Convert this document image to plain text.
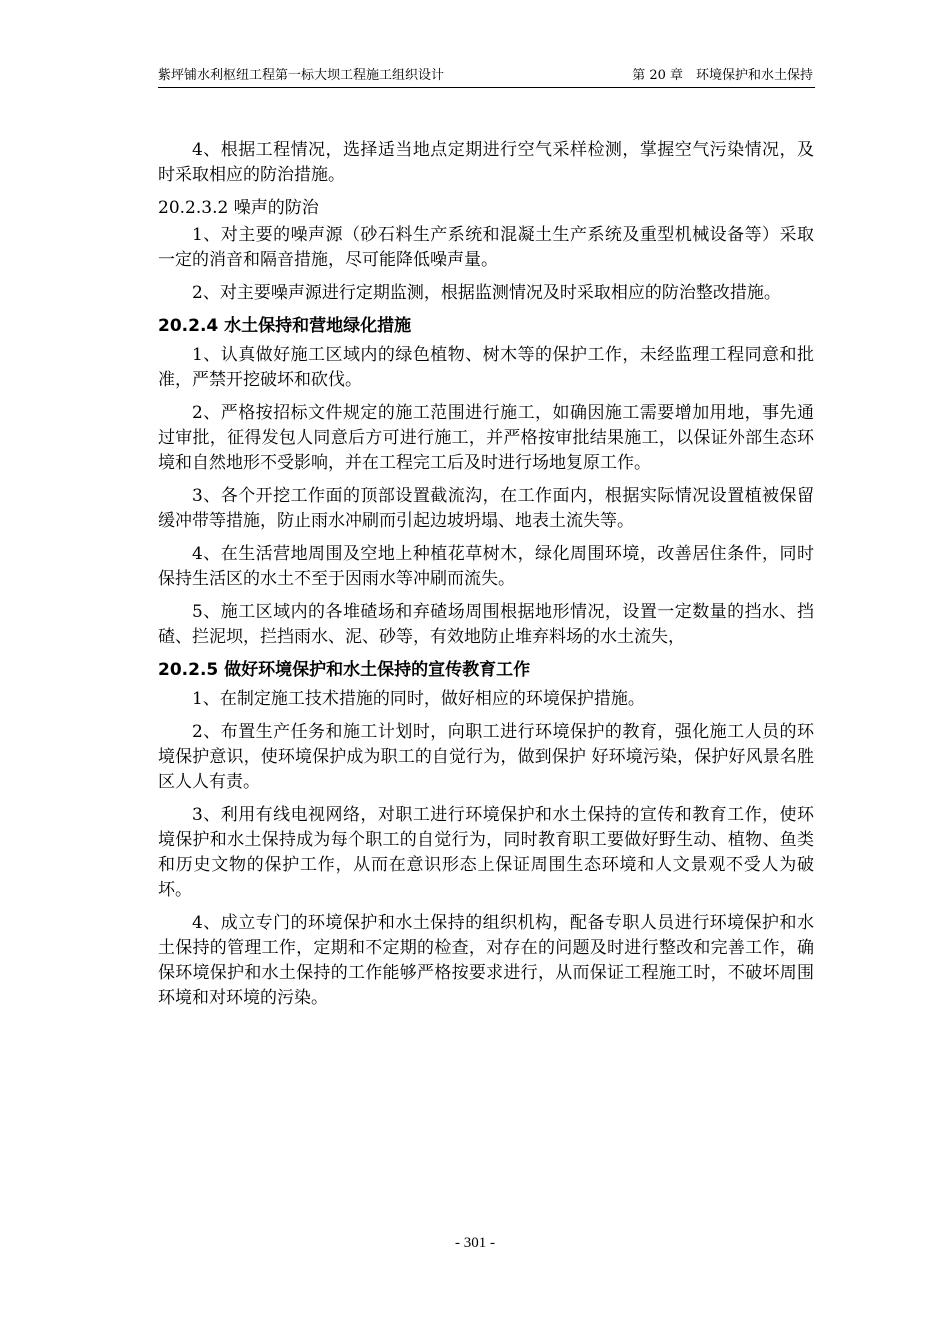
紫坪铺水利枢纽工程第一标大坝工程施工组织设计	第 20 章　环境保护和水土保持

4、根据工程情况，选择适当地点定期进行空气采样检测，掌握空气污染情况，及时采取相应的防治措施。

20.2.3.2 噪声的防治

1、对主要的噪声源（砂石料生产系统和混凝土生产系统及重型机械设备等）采取一定的消音和隔音措施，尽可能降低噪声量。

2、对主要噪声源进行定期监测，根据监测情况及时采取相应的防治整改措施。

20.2.4 水土保持和营地绿化措施

1、认真做好施工区域内的绿色植物、树木等的保护工作，未经监理工程同意和批准，严禁开挖破坏和砍伐。

2、严格按招标文件规定的施工范围进行施工，如确因施工需要增加用地，事先通过审批，征得发包人同意后方可进行施工，并严格按审批结果施工，以保证外部生态环境和自然地形不受影响，并在工程完工后及时进行场地复原工作。

3、各个开挖工作面的顶部设置截流沟，在工作面内，根据实际情况设置植被保留缓冲带等措施，防止雨水冲刷而引起边坡坍塌、地表土流失等。

4、在生活营地周围及空地上种植花草树木，绿化周围环境，改善居住条件，同时保持生活区的水土不至于因雨水等冲刷而流失。

5、施工区域内的各堆碴场和弃碴场周围根据地形情况，设置一定数量的挡水、挡碴、拦泥坝，拦挡雨水、泥、砂等，有效地防止堆弃料场的水土流失，

20.2.5 做好环境保护和水土保持的宣传教育工作

1、在制定施工技术措施的同时，做好相应的环境保护措施。

2、布置生产任务和施工计划时，向职工进行环境保护的教育，强化施工人员的环境保护意识，使环境保护成为职工的自觉行为，做到保护 好环境污染，保护好风景名胜区人人有责。

3、利用有线电视网络，对职工进行环境保护和水土保持的宣传和教育工作，使环境保护和水土保持成为每个职工的自觉行为，同时教育职工要做好野生动、植物、鱼类和历史文物的保护工作，从而在意识形态上保证周围生态环境和人文景观不受人为破坏。

4、成立专门的环境保护和水土保持的组织机构，配备专职人员进行环境保护和水土保持的管理工作，定期和不定期的检查，对存在的问题及时进行整改和完善工作，确保环境保护和水土保持的工作能够严格按要求进行，从而保证工程施工时，不破坏周围环境和对环境的污染。

- 301 -
